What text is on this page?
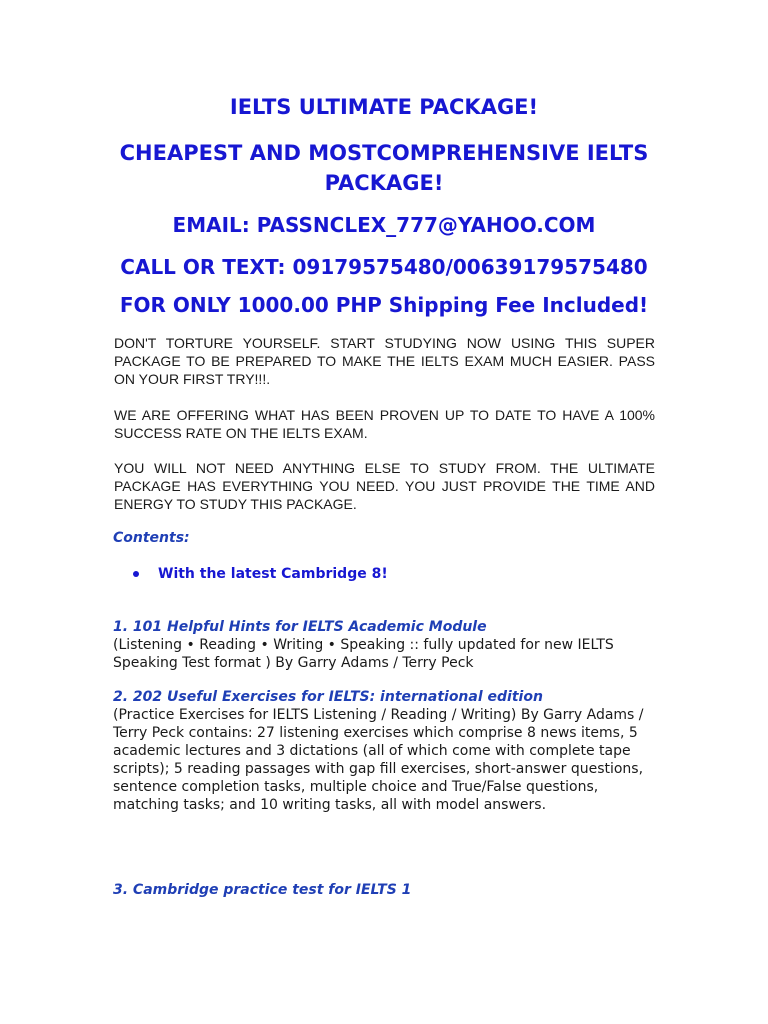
IELTS ULTIMATE PACKAGE!
CHEAPEST AND MOSTCOMPREHENSIVE IELTS PACKAGE!
EMAIL: PASSNCLEX_777@YAHOO.COM
CALL OR TEXT: 09179575480/00639179575480
FOR ONLY 1000.00 PHP Shipping Fee Included!

DON'T TORTURE YOURSELF. START STUDYING NOW USING THIS SUPER PACKAGE TO BE PREPARED TO MAKE THE IELTS EXAM MUCH EASIER. PASS ON YOUR FIRST TRY!!!.

WE ARE OFFERING WHAT HAS BEEN PROVEN UP TO DATE TO HAVE A 100% SUCCESS RATE ON THE IELTS EXAM.

YOU WILL NOT NEED ANYTHING ELSE TO STUDY FROM. THE ULTIMATE PACKAGE HAS EVERYTHING YOU NEED. YOU JUST PROVIDE THE TIME AND ENERGY TO STUDY THIS PACKAGE.

Contents:

With the latest Cambridge 8!

1. 101 Helpful Hints for IELTS Academic Module

(Listening • Reading • Writing • Speaking :: fully updated for new IELTS Speaking Test format ) By Garry Adams / Terry Peck

2. 202 Useful Exercises for IELTS: international edition

(Practice Exercises for IELTS Listening / Reading / Writing) By Garry Adams / Terry Peck contains: 27 listening exercises which comprise 8 news items, 5 academic lectures and 3 dictations (all of which come with complete tape scripts); 5 reading passages with gap fill exercises, short-answer questions, sentence completion tasks, multiple choice and True/False questions, matching tasks; and 10 writing tasks, all with model answers.

3. Cambridge practice test for IELTS 1
